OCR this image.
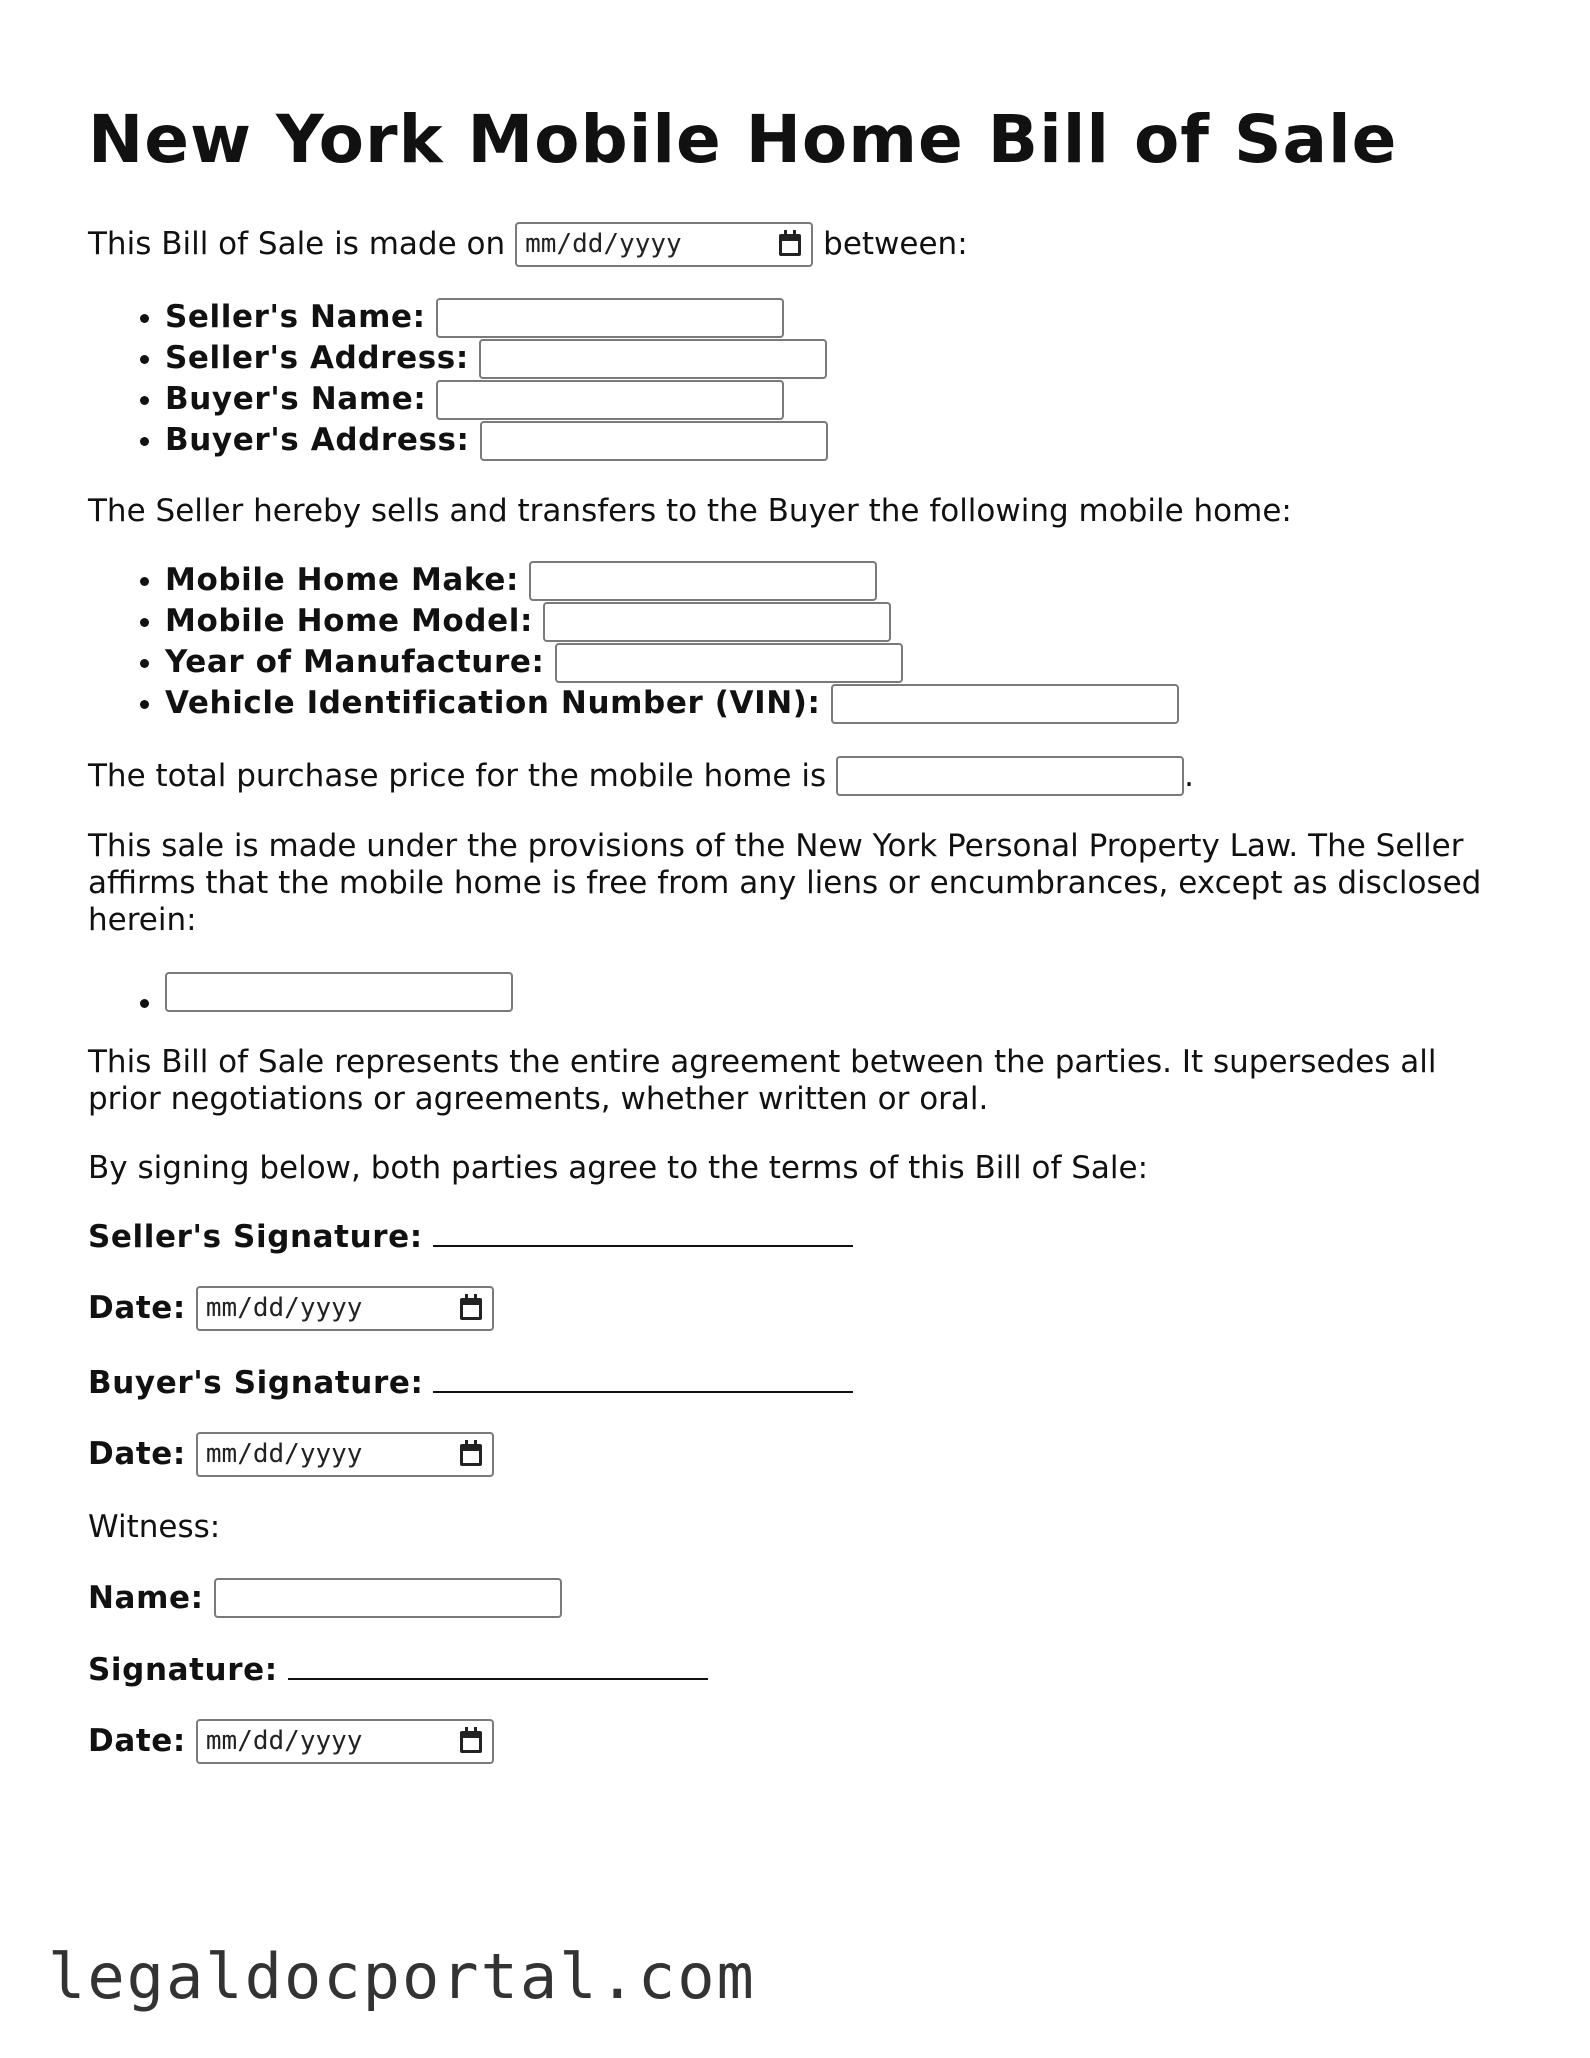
New York Mobile Home Bill of Sale

This Bill of Sale is made on mm/dd/yyyy	between:

• Seller's Name:
• Seller's Address:
• Buyer's Name:
• Buyer's Address:

The Seller hereby sells and transfers to the Buyer the following mobile home:

• Mobile Home Make:
• Mobile Home Model:
• Year of Manufacture:
• Vehicle Identification Number (VIN):

The total purchase price for the mobile home is	.

This sale is made under the provisions of the New York Personal Property Law. The Seller affirms that the mobile home is free from any liens or encumbrances, except as disclosed herein:

•

This Bill of Sale represents the entire agreement between the parties. It supersedes all prior negotiations or agreements, whether written or oral.

By signing below, both parties agree to the terms of this Bill of Sale:

Seller's Signature:

Date: mm/dd/yyyy

Buyer's Signature:

Date: mm/dd/yyyy

Witness:

Name:

Signature:

Date: mm/dd/yyyy

legaldocportal.com
